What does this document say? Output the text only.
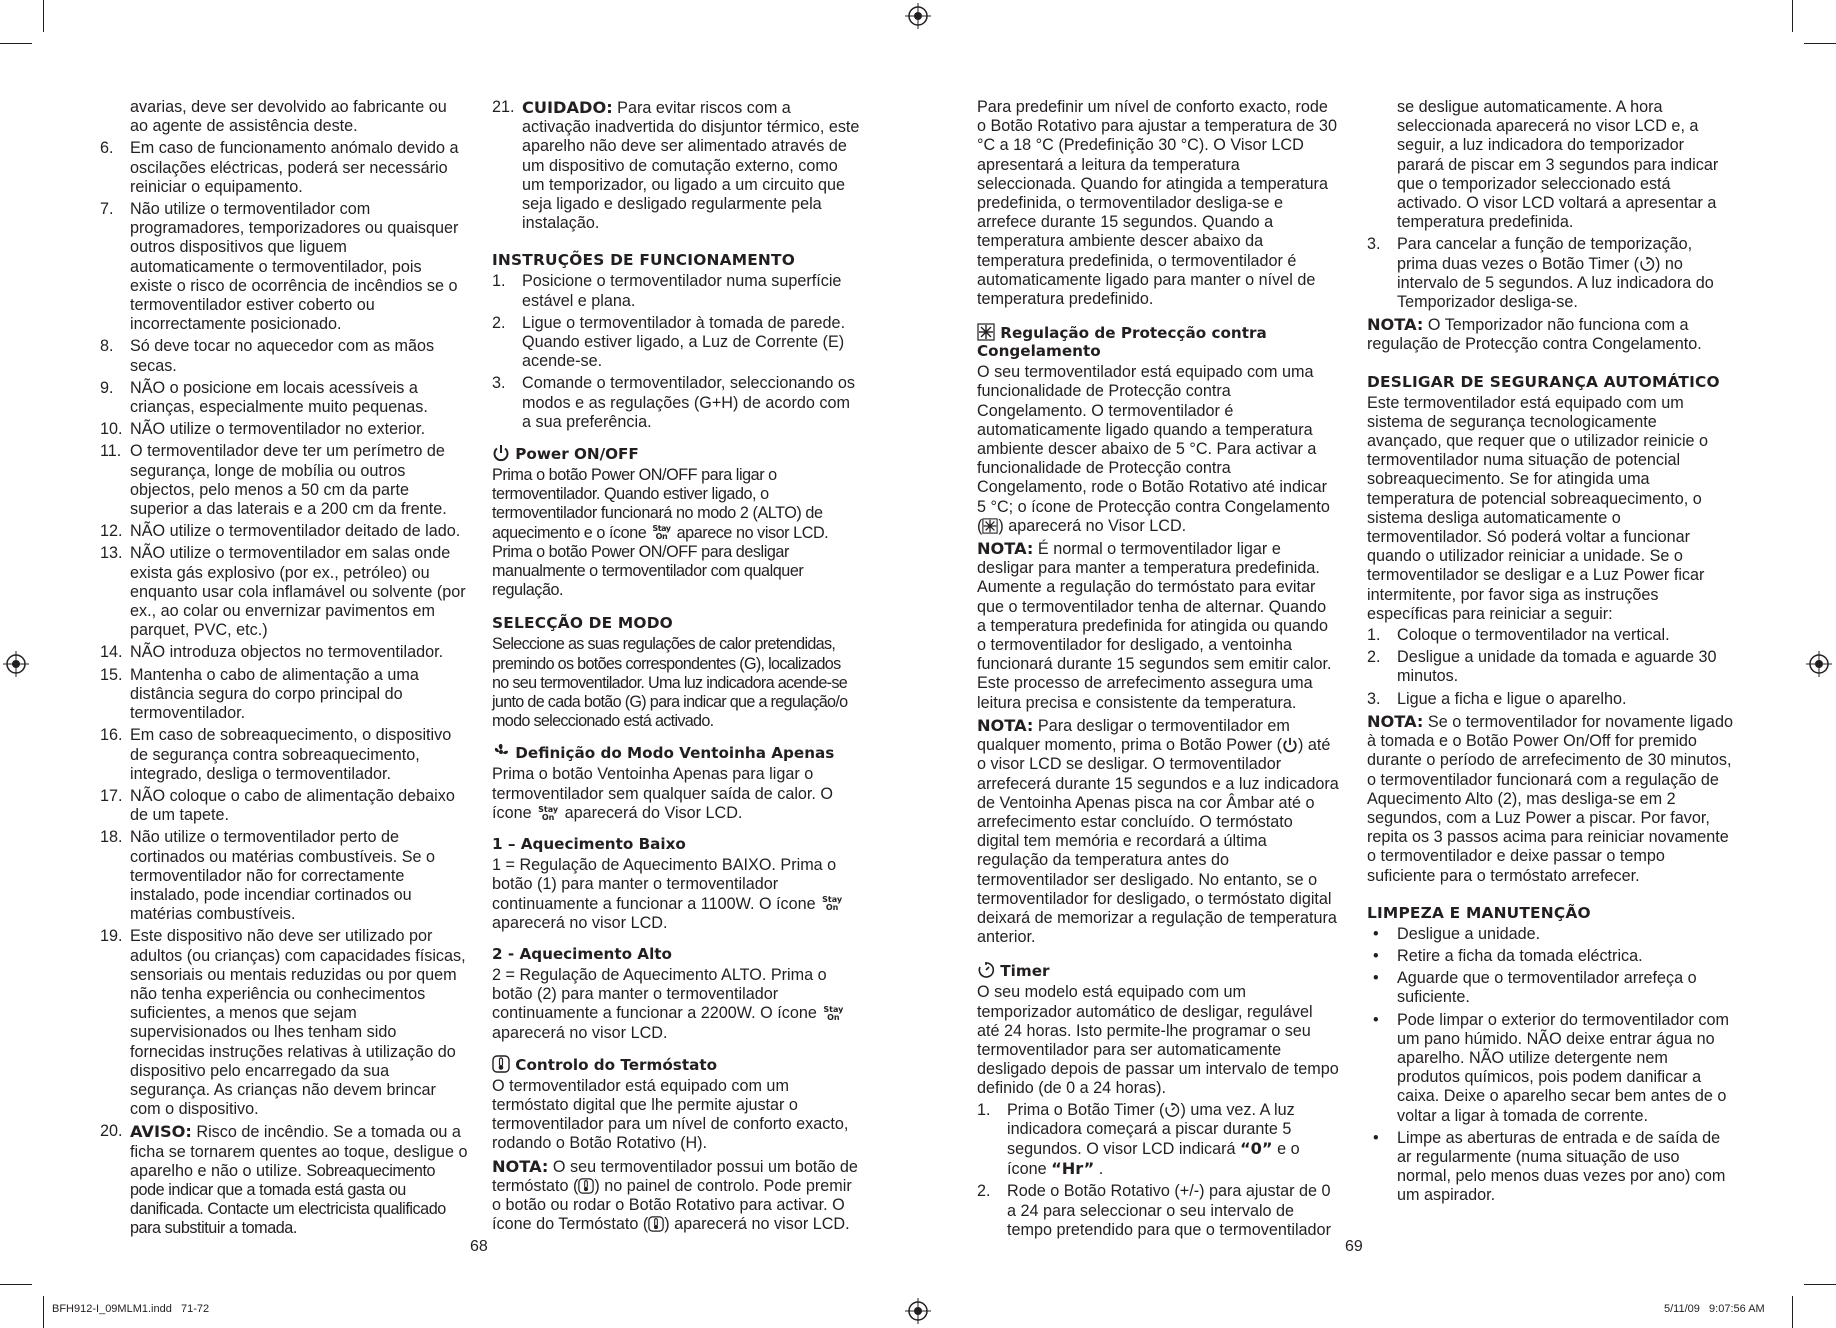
avarias, deve ser devolvido ao fabricante ou ao agente de assistência deste.
6. Em caso de funcionamento anómalo devido a oscilações eléctricas, poderá ser necessário reiniciar o equipamento.
7. Não utilize o termoventilador com programadores, temporizadores ou quaisquer outros dispositivos que liguem automaticamente o termoventilador, pois existe o risco de ocorrência de incêndios se o termoventilador estiver coberto ou incorrectamente posicionado.
8. Só deve tocar no aquecedor com as mãos secas.
9. NÃO o posicione em locais acessíveis a crianças, especialmente muito pequenas.
10. NÃO utilize o termoventilador no exterior.
11. O termoventilador deve ter um perímetro de segurança, longe de mobília ou outros objectos, pelo menos a 50 cm da parte superior a das laterais e a 200 cm da frente.
12. NÃO utilize o termoventilador deitado de lado.
13. NÃO utilize o termoventilador em salas onde exista gás explosivo (por ex., petróleo) ou enquanto usar cola inflamável ou solvente (por ex., ao colar ou envernizar pavimentos em parquet, PVC, etc.)
14. NÃO introduza objectos no termoventilador.
15. Mantenha o cabo de alimentação a uma distância segura do corpo principal do termoventilador.
16. Em caso de sobreaquecimento, o dispositivo de segurança contra sobreaquecimento, integrado, desliga o termoventilador.
17. NÃO coloque o cabo de alimentação debaixo de um tapete.
18. Não utilize o termoventilador perto de cortinados ou matérias combustíveis. Se o termoventilador não for correctamente instalado, pode incendiar cortinados ou matérias combustíveis.
19. Este dispositivo não deve ser utilizado por adultos (ou crianças) com capacidades físicas, sensoriais ou mentais reduzidas ou por quem não tenha experiência ou conhecimentos suficientes, a menos que sejam supervisionados ou lhes tenham sido fornecidas instruções relativas à utilização do dispositivo pelo encarregado da sua segurança. As crianças não devem brincar com o dispositivo.
20. AVISO: Risco de incêndio. Se a tomada ou a ficha se tornarem quentes ao toque, desligue o aparelho e não o utilize. Sobreaquecimento pode indicar que a tomada está gasta ou danificada. Contacte um electricista qualificado para substituir a tomada.
21. CUIDADO: Para evitar riscos com a activação inadvertida do disjuntor térmico, este aparelho não deve ser alimentado através de um dispositivo de comutação externo, como um temporizador, ou ligado a um circuito que seja ligado e desligado regularmente pela instalação.
INSTRUÇÕES DE FUNCIONAMENTO
1. Posicione o termoventilador numa superfície estável e plana.
2. Ligue o termoventilador à tomada de parede. Quando estiver ligado, a Luz de Corrente (E) acende-se.
3. Comande o termoventilador, seleccionando os modos e as regulações (G+H) de acordo com a sua preferência.
Power ON/OFF
Prima o botão Power ON/OFF para ligar o termoventilador. Quando estiver ligado, o termoventilador funcionará no modo 2 (ALTO) de aquecimento e o ícone Stay
On aparece no visor LCD. Prima o botão Power ON/OFF para desligar manualmente o termoventilador com qualquer regulação.
SELECÇÃO DE MODO
Seleccione as suas regulações de calor pretendidas, premindo os botões correspondentes (G), localizados no seu termoventilador. Uma luz indicadora acende-se junto de cada botão (G) para indicar que a regulação/o modo seleccionado está activado.
Definição do Modo Ventoinha Apenas
Prima o botão Ventoinha Apenas para ligar o termoventilador sem qualquer saída de calor. O ícone Stay
On aparecerá do Visor LCD.
1 – Aquecimento Baixo
1 = Regulação de Aquecimento BAIXO. Prima o botão (1) para manter o termoventilador continuamente a funcionar a 1100W. O ícone Stay
On aparecerá no visor LCD.
2 - Aquecimento Alto
2 = Regulação de Aquecimento ALTO. Prima o botão (2) para manter o termoventilador continuamente a funcionar a 2200W. O ícone Stay
On aparecerá no visor LCD.
Controlo do Termóstato
O termoventilador está equipado com um termóstato digital que lhe permite ajustar o termoventilador para um nível de conforto exacto, rodando o Botão Rotativo (H).
NOTA: O seu termoventilador possui um botão de termóstato ( ) no painel de controlo. Pode premir o botão ou rodar o Botão Rotativo para activar. O ícone do Termóstato ( ) aparecerá no visor LCD.
Para predefinir um nível de conforto exacto, rode o Botão Rotativo para ajustar a temperatura de 30 °C a 18 °C (Predefinição 30 °C). O Visor LCD apresentará a leitura da temperatura seleccionada. Quando for atingida a temperatura predefinida, o termoventilador desliga-se e arrefece durante 15 segundos. Quando a temperatura ambiente descer abaixo da temperatura predefinida, o termoventilador é automaticamente ligado para manter o nível de temperatura predefinido.
Regulação de Protecção contra Congelamento
O seu termoventilador está equipado com uma funcionalidade de Protecção contra Congelamento. O termoventilador é automaticamente ligado quando a temperatura ambiente descer abaixo de 5 °C. Para activar a funcionalidade de Protecção contra Congelamento, rode o Botão Rotativo até indicar 5 °C; o ícone de Protecção contra Congelamento ( ) aparecerá no Visor LCD.
NOTA: É normal o termoventilador ligar e desligar para manter a temperatura predefinida. Aumente a regulação do termóstato para evitar que o termoventilador tenha de alternar. Quando a temperatura predefinida for atingida ou quando o termoventilador for desligado, a ventoinha funcionará durante 15 segundos sem emitir calor. Este processo de arrefecimento assegura uma leitura precisa e consistente da temperatura.
NOTA: Para desligar o termoventilador em qualquer momento, prima o Botão Power ( ) até o visor LCD se desligar. O termoventilador arrefecerá durante 15 segundos e a luz indicadora de Ventoinha Apenas pisca na cor Âmbar até o arrefecimento estar concluído. O termóstato digital tem memória e recordará a última regulação da temperatura antes do termoventilador ser desligado. No entanto, se o termoventilador for desligado, o termóstato digital deixará de memorizar a regulação de temperatura anterior.
Timer
O seu modelo está equipado com um temporizador automático de desligar, regulável até 24 horas. Isto permite-lhe programar o seu termoventilador para ser automaticamente desligado depois de passar um intervalo de tempo definido (de 0 a 24 horas).
1. Prima o Botão Timer ( ) uma vez. A luz indicadora começará a piscar durante 5 segundos. O visor LCD indicará “0” e o ícone “Hr” .
2. Rode o Botão Rotativo (+/-) para ajustar de 0 a 24 para seleccionar o seu intervalo de tempo pretendido para que o termoventilador
se desligue automaticamente. A hora seleccionada aparecerá no visor LCD e, a seguir, a luz indicadora do temporizador parará de piscar em 3 segundos para indicar que o temporizador seleccionado está activado. O visor LCD voltará a apresentar a temperatura predefinida.
3. Para cancelar a função de temporização, prima duas vezes o Botão Timer ( ) no intervalo de 5 segundos. A luz indicadora do Temporizador desliga-se.
NOTA: O Temporizador não funciona com a regulação de Protecção contra Congelamento.
DESLIGAR DE SEGURANÇA AUTOMÁTICO
Este termoventilador está equipado com um sistema de segurança tecnologicamente avançado, que requer que o utilizador reinicie o termoventilador numa situação de potencial sobreaquecimento. Se for atingida uma temperatura de potencial sobreaquecimento, o sistema desliga automaticamente o termoventilador. Só poderá voltar a funcionar quando o utilizador reiniciar a unidade. Se o termoventilador se desligar e a Luz Power ficar intermitente, por favor siga as instruções específicas para reiniciar a seguir:
1. Coloque o termoventilador na vertical.
2. Desligue a unidade da tomada e aguarde 30 minutos.
3. Ligue a ficha e ligue o aparelho.
NOTA: Se o termoventilador for novamente ligado à tomada e o Botão Power On/Off for premido durante o período de arrefecimento de 30 minutos, o termoventilador funcionará com a regulação de Aquecimento Alto (2), mas desliga-se em 2 segundos, com a Luz Power a piscar. Por favor, repita os 3 passos acima para reiniciar novamente o termoventilador e deixe passar o tempo suficiente para o termóstato arrefecer.
LIMPEZA E MANUTENÇÃO
• Desligue a unidade.
• Retire a ficha da tomada eléctrica.
• Aguarde que o termoventilador arrefeça o suficiente.
• Pode limpar o exterior do termoventilador com um pano húmido. NÃO deixe entrar água no aparelho. NÃO utilize detergente nem produtos químicos, pois podem danificar a caixa. Deixe o aparelho secar bem antes de o voltar a ligar à tomada de corrente.
• Limpe as aberturas de entrada e de saída de ar regularmente (numa situação de uso normal, pelo menos duas vezes por ano) com um aspirador.
68	69
BFH912-I_09MLM1.indd   71-72	5/11/09   9:07:56 AM
